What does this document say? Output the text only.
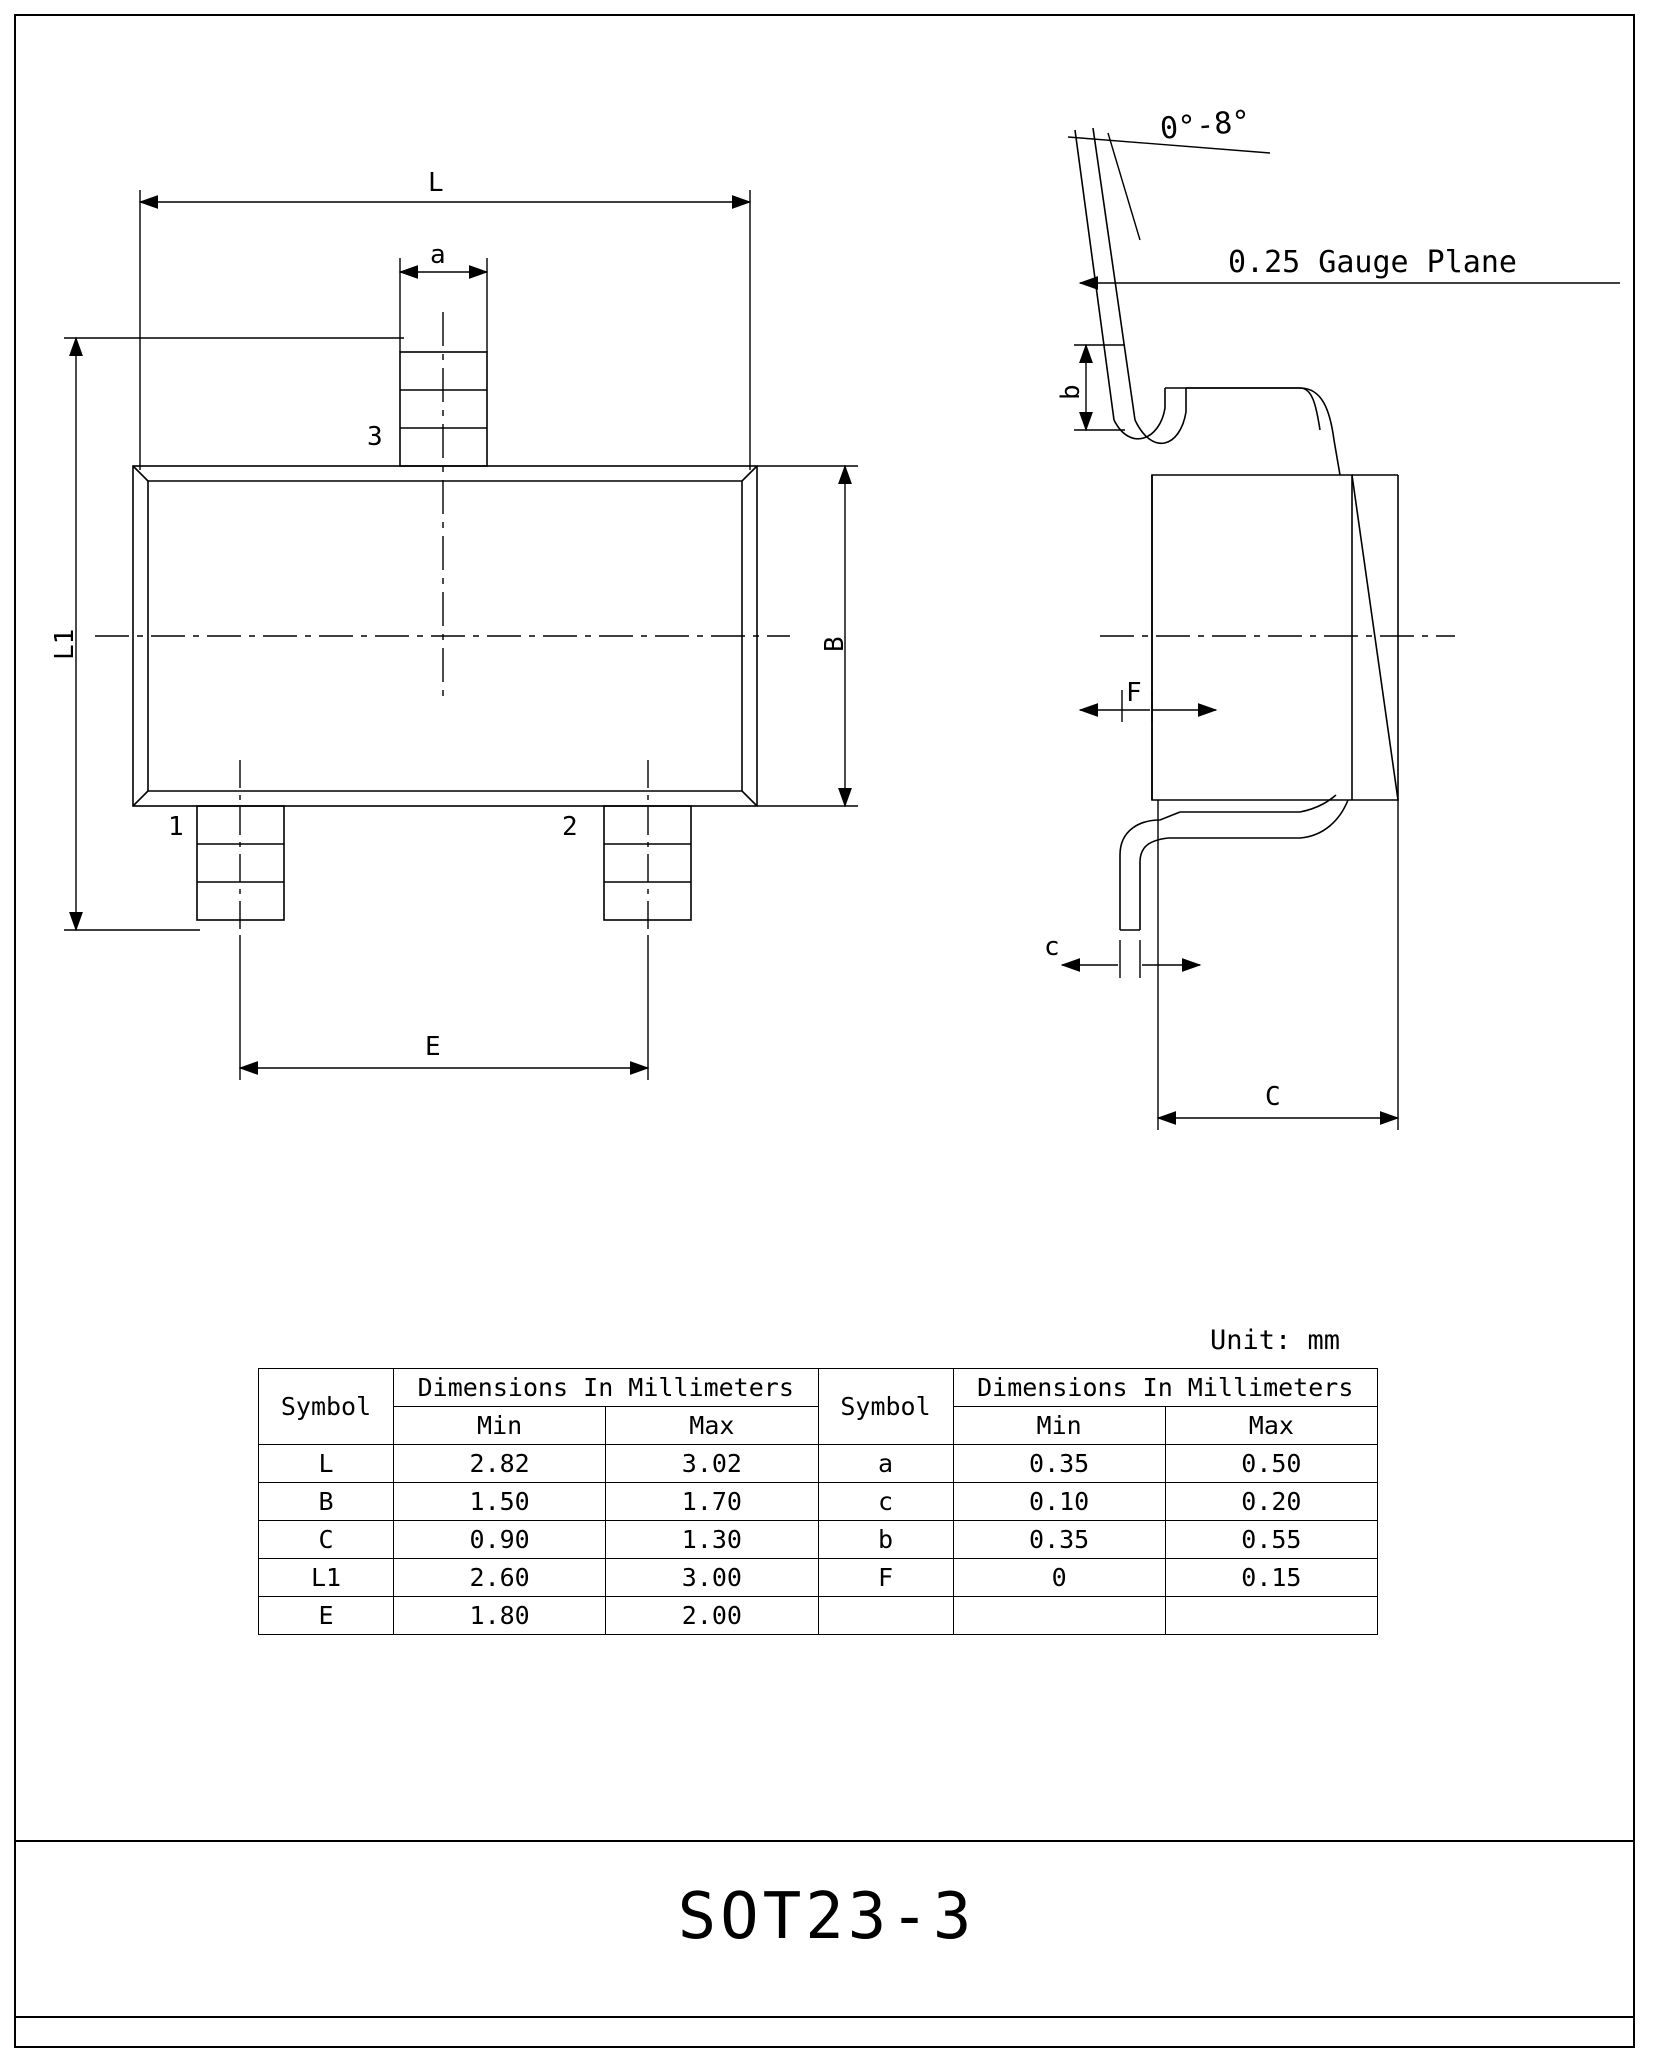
L
a
3
1	2
L1	B
E
0°-8°
0.25 Gauge Plane
b
F
c
C
Unit: mm
Symbol	Dimensions In Millimeters		Symbol	Dimensions In Millimeters	
	Min	Max		Min	Max
L	2.82	3.02	a	0.35	0.50
B	1.50	1.70	c	0.10	0.20
C	0.90	1.30	b	0.35	0.55
L1	2.60	3.00	F	0	0.15
E	1.80	2.00			
SOT23-3
